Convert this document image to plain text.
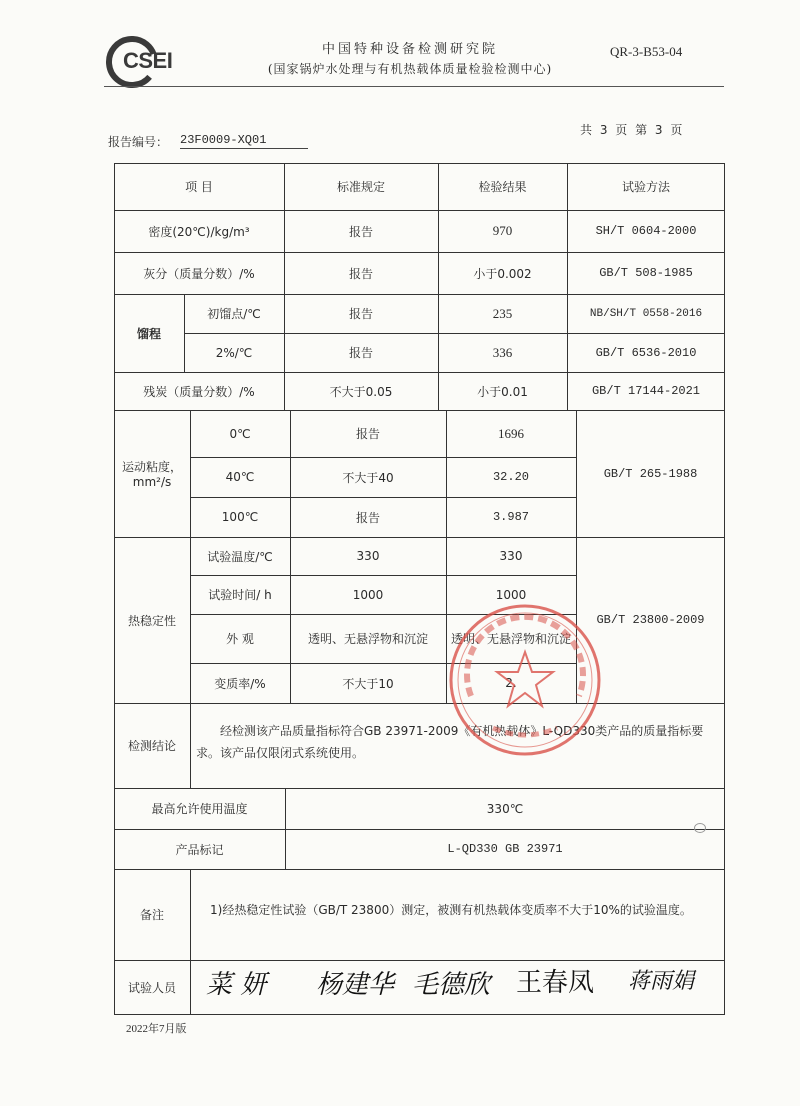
CSEI	中国特种设备检测研究院
(国家锅炉水处理与有机热载体质量检验检测中心)
QR-3-B53-04
报告编号： 23F0009-XQ01
共 3 页 第 3 页
项 目	标准规定	检验结果	试验方法
密度(20℃)/kg/m³	报告	970	SH/T 0604-2000
灰分（质量分数）/%	报告	小于0.002	GB/T 508-1985
馏程
初馏点/℃	报告	235	NB/SH/T 0558-2016
2%/℃	报告	336	GB/T 6536-2010
残炭（质量分数）/%	不大于0.05	小于0.01	GB/T 17144-2021
运动粘度，
mm²/s
0℃	报告	1696
40℃	不大于40	32.20
100℃	报告	3.987
GB/T 265-1988
热稳定性
试验温度/℃	330	330
试验时间/ h	1000	1000
外 观	透明、无悬浮物和沉淀	透明、无悬浮物和沉淀
变质率/%	不大于10	2.
GB/T 23800-2009
检测结论
经检测该产品质量指标符合GB 23971-2009《有机热载体》L-QD330类产品的质量指标要求。该产品仅限闭式系统使用。
最高允许使用温度	330℃
产品标记	L-QD330 GB 23971
备注	1)经热稳定性试验（GB/T 23800）测定，被测有机热载体变质率不大于10%的试验温度。
试验人员	菜 妍 杨建华 毛德欣 王春凤 蒋雨娟
2022年7月版
